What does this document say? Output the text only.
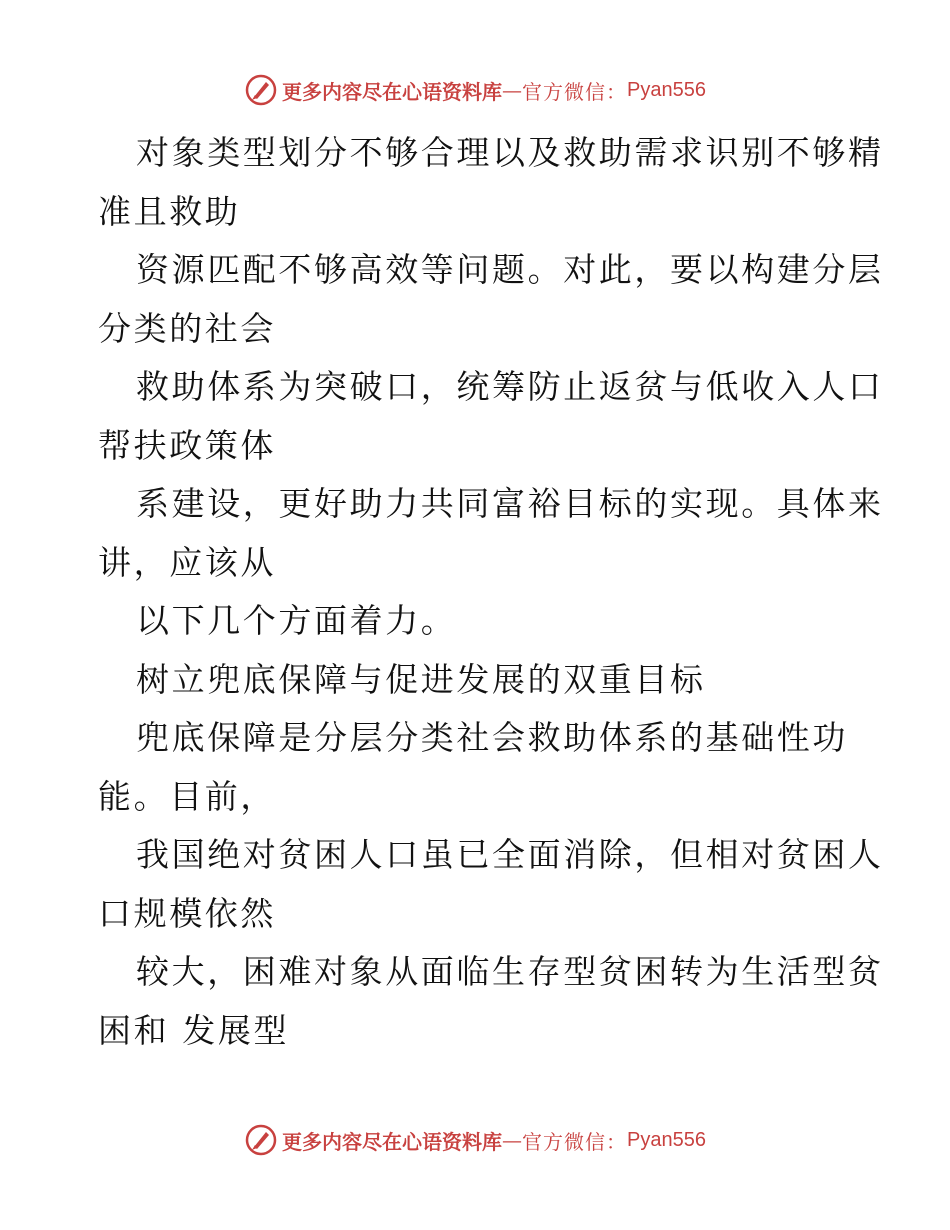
更多内容尽在心语资料库 — 官方微信： Pyan556
对象类型划分不够合理以及救助需求识别不够精
准且救助
资源匹配不够高效等问题。对此，要以构建分层
分类的社会
救助体系为突破口，统筹防止返贫与低收入人口
帮扶政策体
系建设，更好助力共同富裕目标的实现。具体来
讲，应该从
以下几个方面着力。
树立兜底保障与促进发展的双重目标
兜底保障是分层分类社会救助体系的基础性功
能。目前，
我国绝对贫困人口虽已全面消除，但相对贫困人
口规模依然
较大，困难对象从面临生存型贫困转为生活型贫
困和 发展型
更多内容尽在心语资料库 — 官方微信： Pyan556
